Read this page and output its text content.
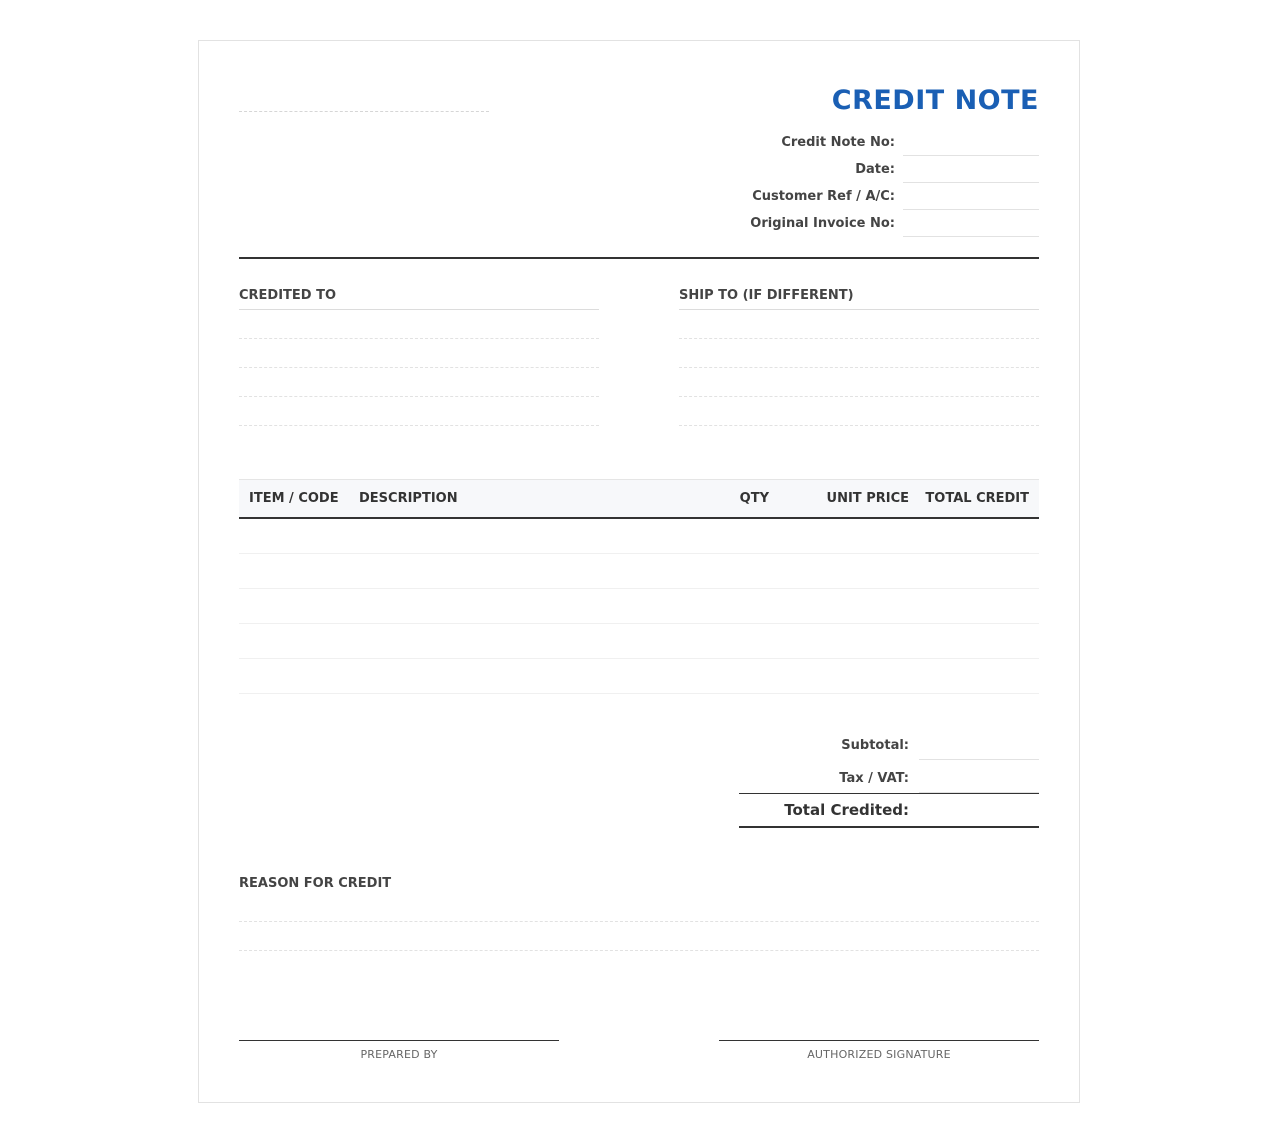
CREDIT NOTE
Credit Note No:
Date:
Customer Ref / A/C:
Original Invoice No:
CREDITED TO	SHIP TO (IF DIFFERENT)
ITEM / CODE	DESCRIPTION	QTY	UNIT PRICE	TOTAL CREDIT
Subtotal:
Tax / VAT:
Total Credited:
REASON FOR CREDIT
PREPARED BY	AUTHORIZED SIGNATURE
